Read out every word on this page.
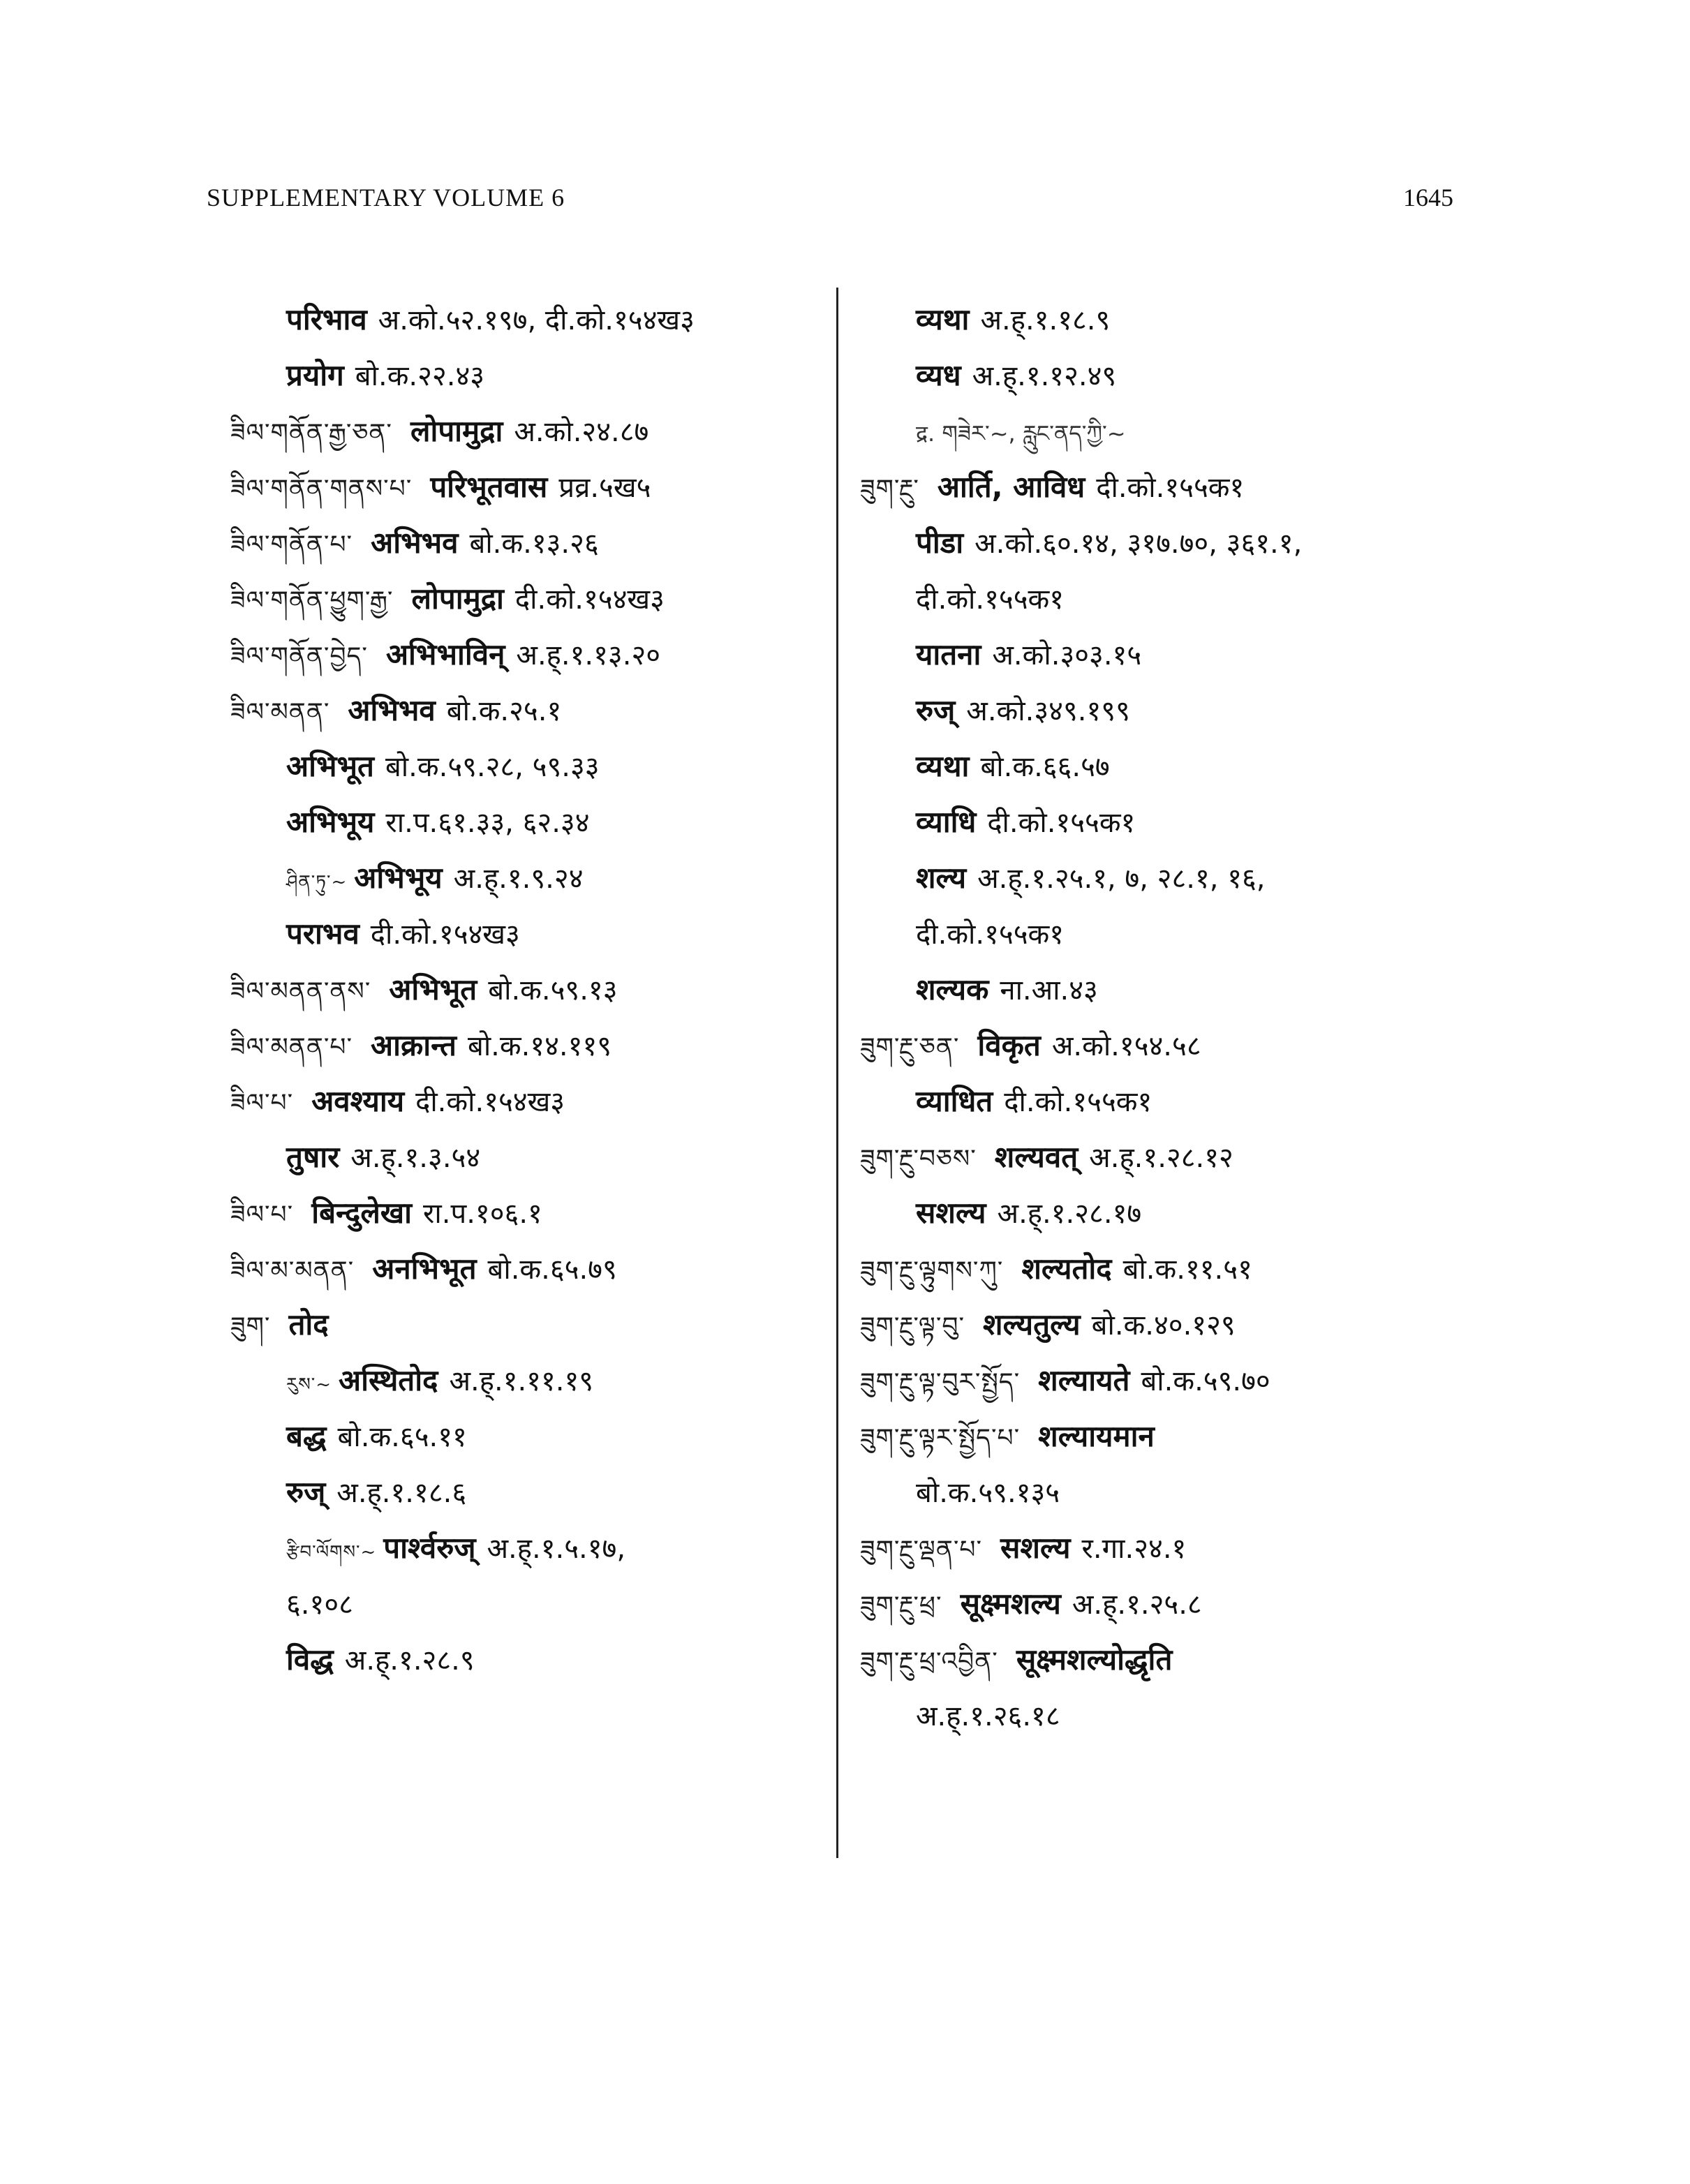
SUPPLEMENTARY VOLUME 6	1645
परिभाव अ.को.५२.१९७, दी.को.१५४ख३
प्रयोग बो.क.२२.४३
ཟིལ་གནོན་རྒྱ་ཅན་ लोपामुद्रा अ.को.२४.८७
ཟིལ་གནོན་གནས་པ་ परिभूतवास प्रव्र.५ख५
ཟིལ་གནོན་པ་ अभिभव बो.क.१३.२६
ཟིལ་གནོན་ཕྱུག་རྒྱ་ लोपामुद्रा दी.को.१५४ख३
ཟིལ་གནོན་བྱེད་ अभिभाविन् अ.ह्.१.१३.२०
ཟིལ་མནན་ अभिभव बो.क.२५.१
अभिभूत बो.क.५९.२८, ५९.३३
अभिभूय रा.प.६१.३३, ६२.३४
ཤིན་ཏུ་~ अभिभूय अ.ह्.१.९.२४
पराभव दी.को.१५४ख३
ཟིལ་མནན་ནས་ अभिभूत बो.क.५९.१३
ཟིལ་མནན་པ་ आक्रान्त बो.क.१४.११९
ཟིལ་པ་ अवश्याय दी.को.१५४ख३
तुषार अ.ह्.१.३.५४
ཟིལ་པ་ बिन्दुलेखा रा.प.१०६.१
ཟིལ་མ་མནན་ अनभिभूत बो.क.६५.७९
ཟུག་ तोद
རུས་~ अस्थितोद अ.ह्.१.११.१९
बद्ध बो.क.६५.११
रुज् अ.ह्.१.१८.६
རྩིབ་ལོགས་~ पार्श्वरुज् अ.ह्.१.५.१७,
६.१०८
विद्ध अ.ह्.१.२८.९
व्यथा अ.ह्.१.१८.९
व्यध अ.ह्.१.१२.४९
द्र. གཟེར་~, རླུང་ནད་ཀྱི་~
ཟུག་རྔུ་ आर्ति, आविध दी.को.१५५क१
पीडा अ.को.६०.१४, ३१७.७०, ३६१.१,
दी.को.१५५क१
यातना अ.को.३०३.१५
रुज् अ.को.३४९.१९९
व्यथा बो.क.६६.५७
व्याधि दी.को.१५५क१
शल्य अ.ह्.१.२५.१, ७, २८.१, १६,
दी.को.१५५क१
शल्यक ना.आ.४३
ཟུག་རྔུ་ཅན་ विकृत अ.को.१५४.५८
व्याधित दी.को.१५५क१
ཟུག་རྔུ་བཅས་ शल्यवत् अ.ह्.१.२८.१२
सशल्य अ.ह्.१.२८.१७
ཟུག་རྔུ་ལྟུགས་ཀུ་ शल्यतोद बो.क.११.५१
ཟུག་རྔུ་ལྟ་བུ་ शल्यतुल्य बो.क.४०.१२९
ཟུག་རྔུ་ལྟ་བུར་སྤྱོད་ शल्यायते बो.क.५९.७०
ཟུག་རྔུ་ལྟར་སྤྱོད་པ་ शल्यायमान
बो.क.५९.१३५
ཟུག་རྔུ་ལྡན་པ་ सशल्य र.गा.२४.१
ཟུག་རྔུ་ཕྲ་ सूक्ष्मशल्य अ.ह्.१.२५.८
ཟུག་རྔུ་ཕྲ་འབྱིན་ सूक्ष्मशल्योद्धृति
अ.ह्.१.२६.१८
